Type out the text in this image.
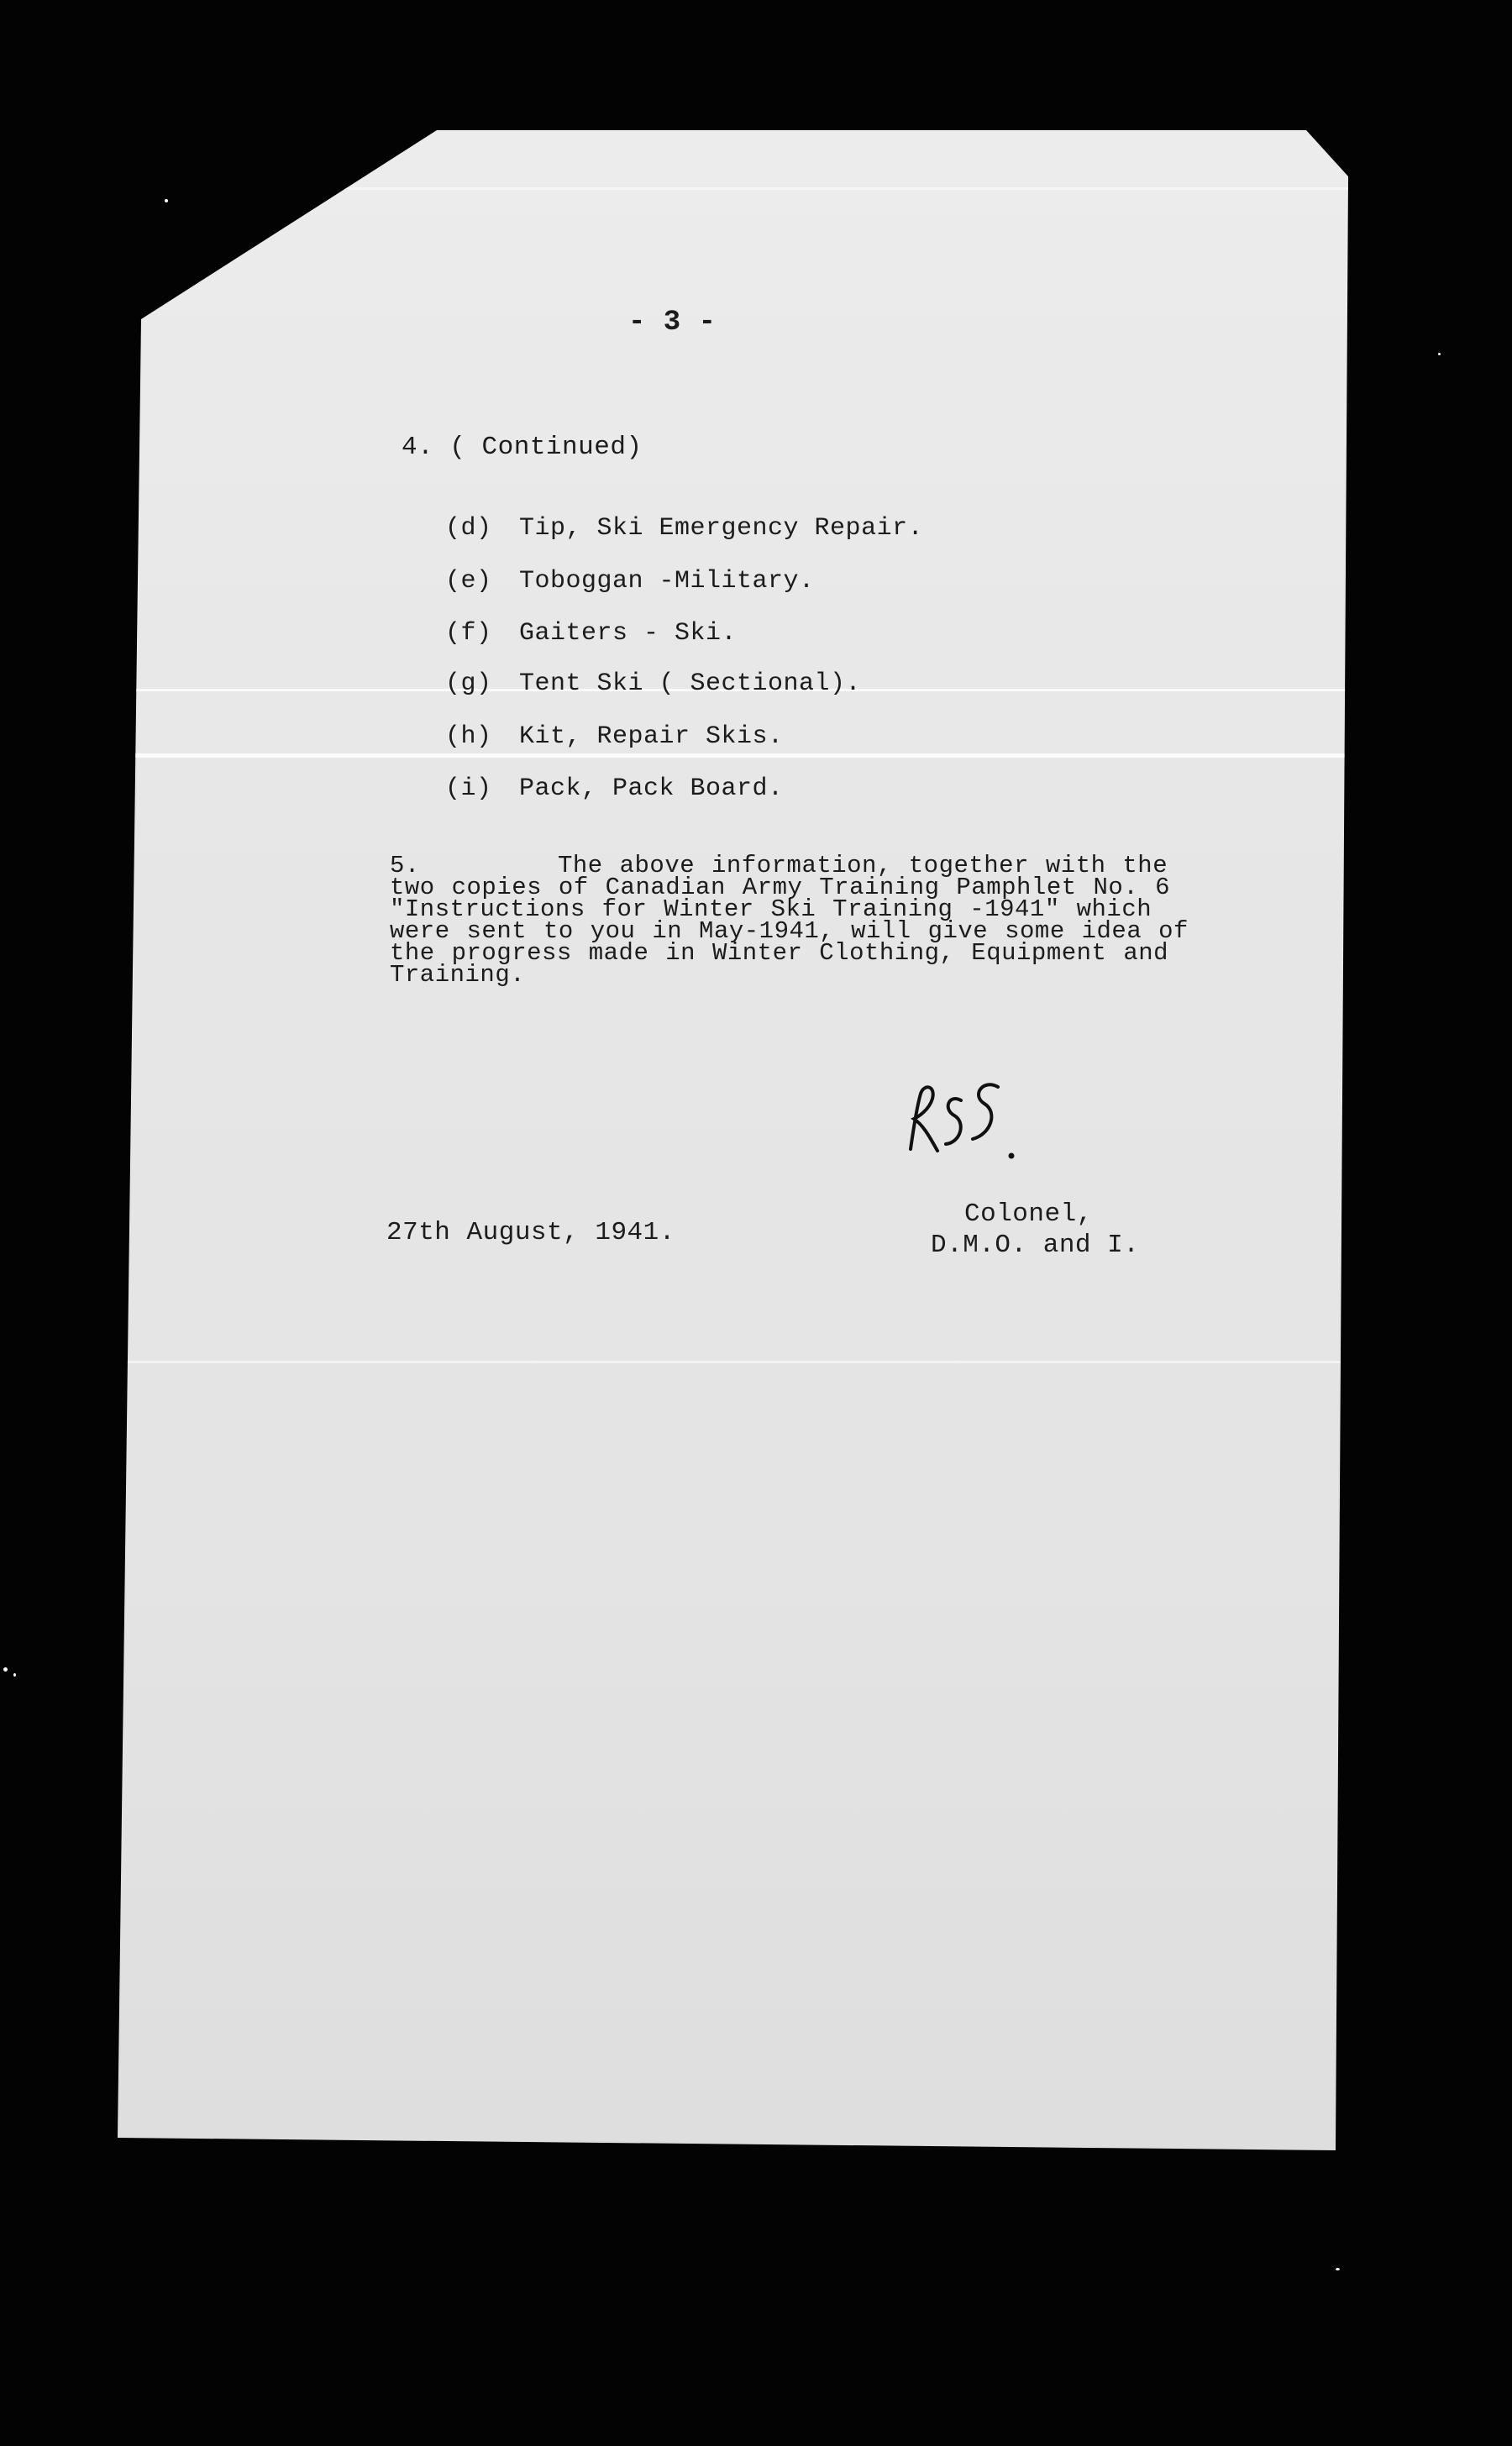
- 3 -
4. ( Continued)
(d) Tip, Ski Emergency Repair.
(e) Toboggan -Military.
(f) Gaiters - Ski.
(g) Tent Ski ( Sectional).
(h) Kit, Repair Skis.
(i) Pack, Pack Board.
5.	The above information, together with the two copies of Canadian Army Training Pamphlet No. 6 "Instructions for Winter Ski Training -1941" which were sent to you in May-1941, will give some idea of the progress made in Winter Clothing, Equipment and Training.
27th August, 1941.
Colonel,
D.M.O. and I.
